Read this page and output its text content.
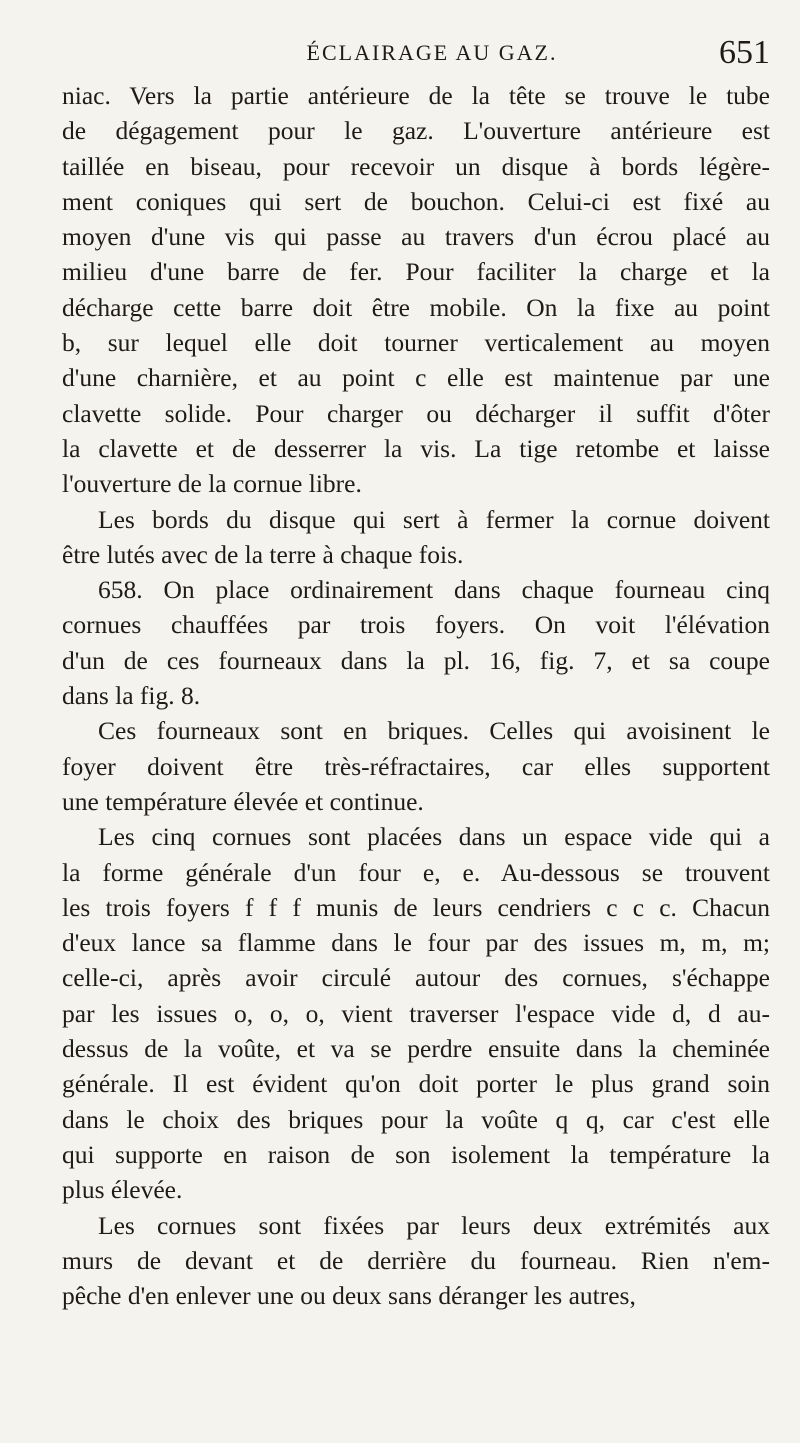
ÉCLAIRAGE AU GAZ.	651
niac. Vers la partie antérieure de la tête se trouve le tube
de dégagement pour le gaz. L'ouverture antérieure est
taillée en biseau, pour recevoir un disque à bords légère-
ment coniques qui sert de bouchon. Celui-ci est fixé au
moyen d'une vis qui passe au travers d'un écrou placé au
milieu d'une barre de fer. Pour faciliter la charge et la
décharge cette barre doit être mobile. On la fixe au point
b, sur lequel elle doit tourner verticalement au moyen
d'une charnière, et au point c elle est maintenue par une
clavette solide. Pour charger ou décharger il suffit d'ôter
la clavette et de desserrer la vis. La tige retombe et laisse
l'ouverture de la cornue libre.
Les bords du disque qui sert à fermer la cornue doivent
être lutés avec de la terre à chaque fois.
658. On place ordinairement dans chaque fourneau cinq
cornues chauffées par trois foyers. On voit l'élévation
d'un de ces fourneaux dans la pl. 16, fig. 7, et sa coupe
dans la fig. 8.
Ces fourneaux sont en briques. Celles qui avoisinent le
foyer doivent être très-réfractaires, car elles supportent
une température élevée et continue.
Les cinq cornues sont placées dans un espace vide qui a
la forme générale d'un four e, e. Au-dessous se trouvent
les trois foyers f f f munis de leurs cendriers c c c. Chacun
d'eux lance sa flamme dans le four par des issues m, m, m;
celle-ci, après avoir circulé autour des cornues, s'échappe
par les issues o, o, o, vient traverser l'espace vide d, d au-
dessus de la voûte, et va se perdre ensuite dans la cheminée
générale. Il est évident qu'on doit porter le plus grand soin
dans le choix des briques pour la voûte q q, car c'est elle
qui supporte en raison de son isolement la température la
plus élevée.
Les cornues sont fixées par leurs deux extrémités aux
murs de devant et de derrière du fourneau. Rien n'em-
pêche d'en enlever une ou deux sans déranger les autres,
